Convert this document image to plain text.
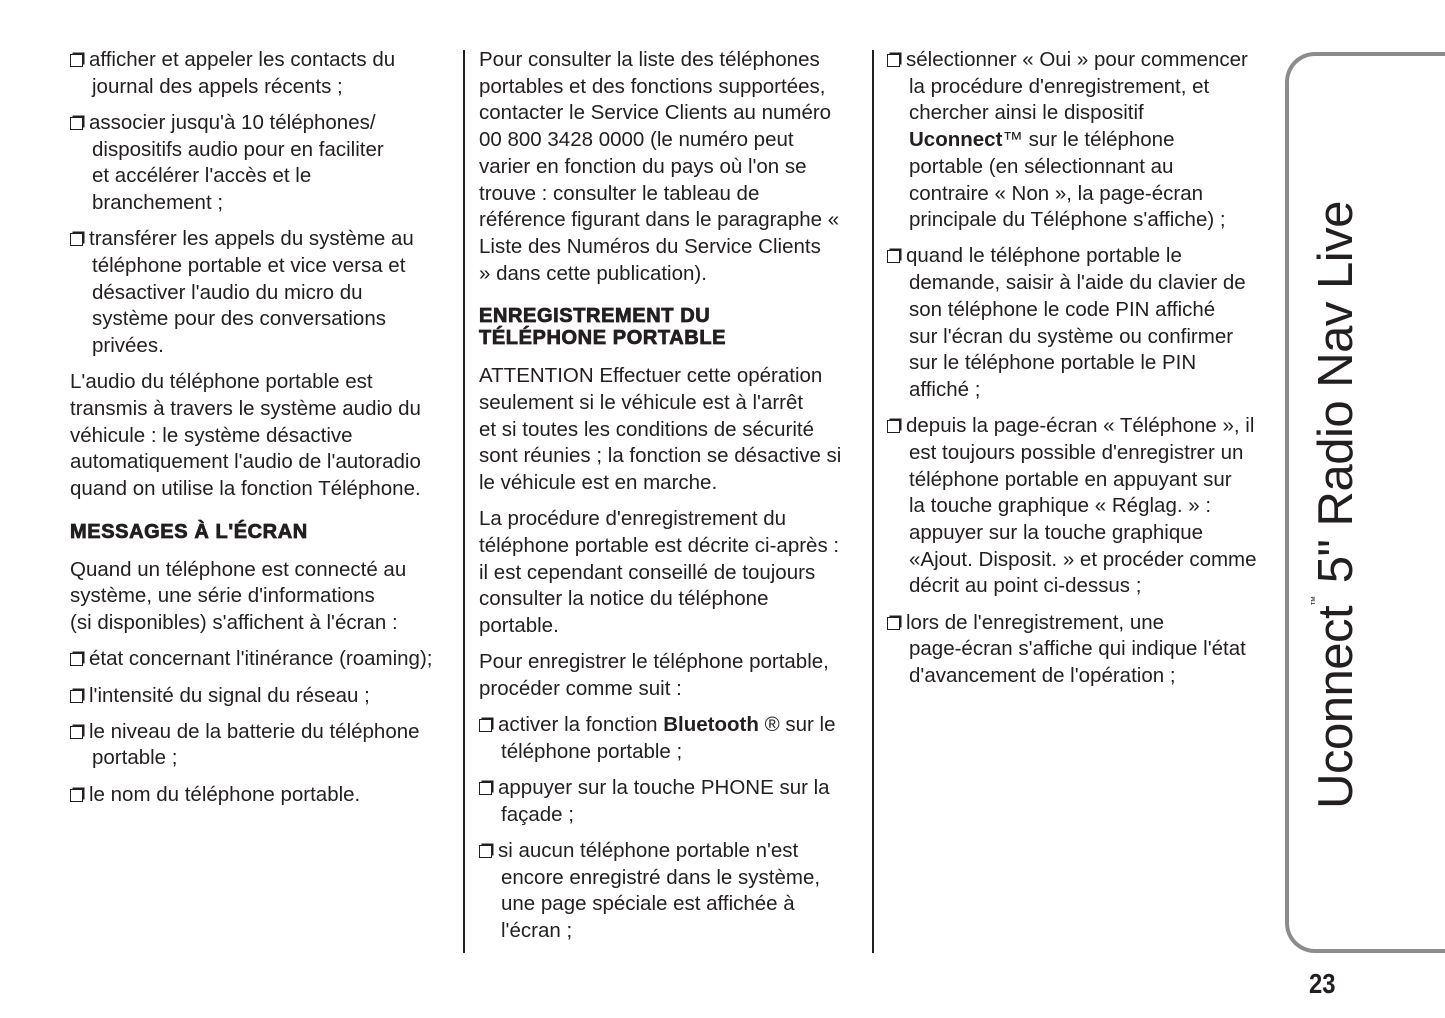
afficher et appeler les contacts du
journal des appels récents ;
associer jusqu'à 10 téléphones/
dispositifs audio pour en faciliter
et accélérer l'accès et le
branchement ;
transférer les appels du système au
téléphone portable et vice versa et
désactiver l'audio du micro du
système pour des conversations
privées.
L'audio du téléphone portable est
transmis à travers le système audio du
véhicule : le système désactive
automatiquement l'audio de l'autoradio
quand on utilise la fonction Téléphone.
MESSAGES À L'ÉCRAN
Quand un téléphone est connecté au
système, une série d'informations
(si disponibles) s'affichent à l'écran :
état concernant l'itinérance (roaming);
l'intensité du signal du réseau ;
le niveau de la batterie du téléphone
portable ;
le nom du téléphone portable.
Pour consulter la liste des téléphones
portables et des fonctions supportées,
contacter le Service Clients au numéro
00 800 3428 0000 (le numéro peut
varier en fonction du pays où l'on se
trouve : consulter le tableau de
référence figurant dans le paragraphe «
Liste des Numéros du Service Clients
» dans cette publication).
ENREGISTREMENT DU
TÉLÉPHONE PORTABLE
ATTENTION Effectuer cette opération
seulement si le véhicule est à l'arrêt
et si toutes les conditions de sécurité
sont réunies ; la fonction se désactive si
le véhicule est en marche.
La procédure d'enregistrement du
téléphone portable est décrite ci-après :
il est cependant conseillé de toujours
consulter la notice du téléphone
portable.
Pour enregistrer le téléphone portable,
procéder comme suit :
activer la fonction Bluetooth ® sur le
téléphone portable ;
appuyer sur la touche PHONE sur la
façade ;
si aucun téléphone portable n'est
encore enregistré dans le système,
une page spéciale est affichée à
l'écran ;
sélectionner « Oui » pour commencer
la procédure d'enregistrement, et
chercher ainsi le dispositif
Uconnect™ sur le téléphone
portable (en sélectionnant au
contraire « Non », la page-écran
principale du Téléphone s'affiche) ;
quand le téléphone portable le
demande, saisir à l'aide du clavier de
son téléphone le code PIN affiché
sur l'écran du système ou confirmer
sur le téléphone portable le PIN
affiché ;
depuis la page-écran « Téléphone », il
est toujours possible d'enregistrer un
téléphone portable en appuyant sur
la touche graphique « Réglag. » :
appuyer sur la touche graphique
«Ajout. Disposit. » et procéder comme
décrit au point ci-dessus ;
lors de l'enregistrement, une
page-écran s'affiche qui indique l'état
d'avancement de l'opération ;	Uconnect™ 5" Radio Nav Live
23
